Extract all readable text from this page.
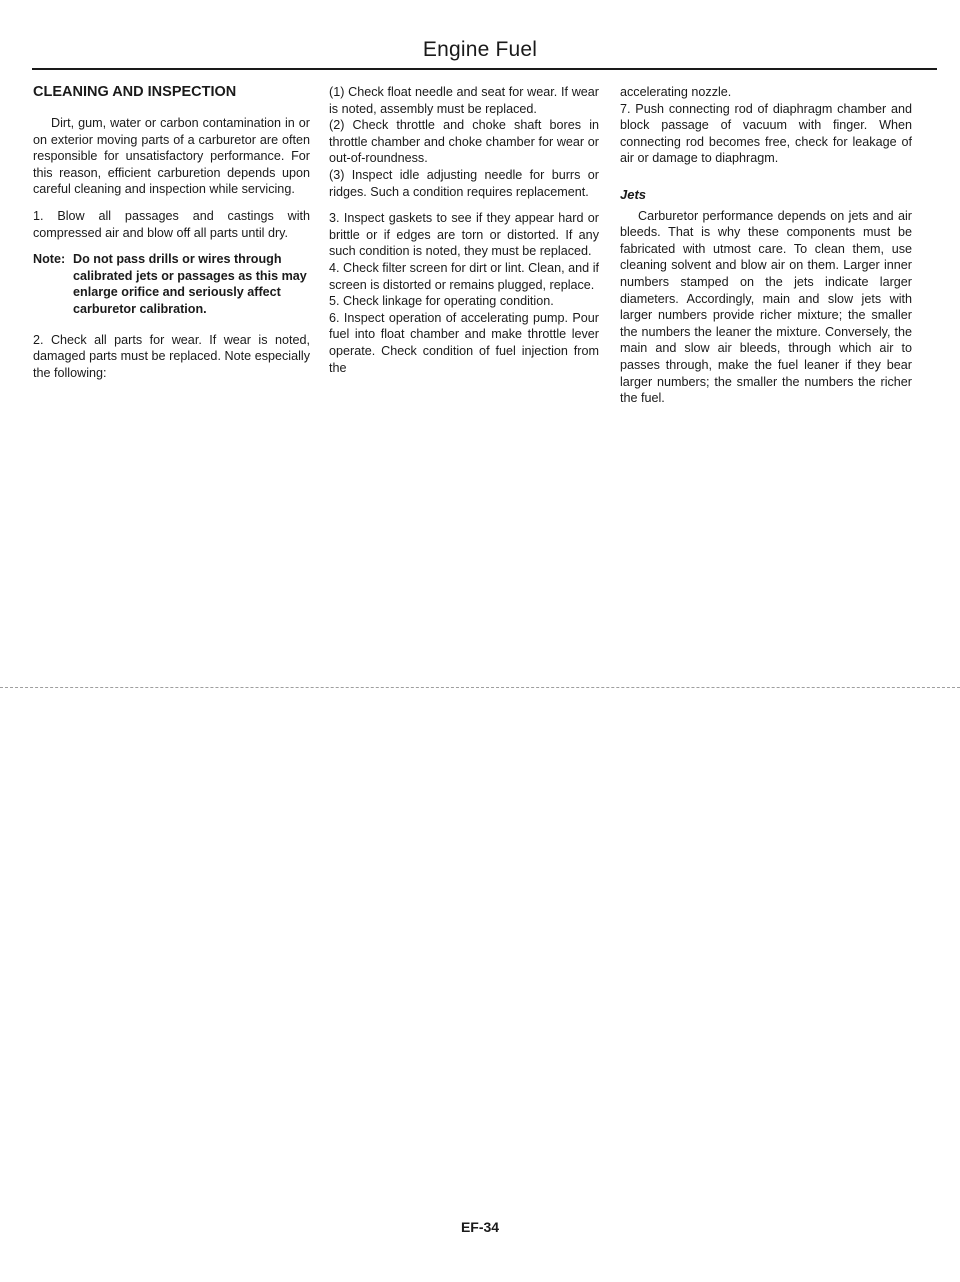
Engine Fuel
CLEANING AND INSPECTION

Dirt, gum, water or carbon contamination in or on exterior moving parts of a carburetor are often responsible for unsatisfactory performance. For this reason, efficient carburetion depends upon careful cleaning and inspection while servicing.

1. Blow all passages and castings with compressed air and blow off all parts until dry.

Note: Do not pass drills or wires through calibrated jets or passages as this may enlarge orifice and seriously affect carburetor calibration.

2. Check all parts for wear. If wear is noted, damaged parts must be replaced. Note especially the following:

(1) Check float needle and seat for wear. If wear is noted, assembly must be replaced.

(2) Check throttle and choke shaft bores in throttle chamber and choke chamber for wear or out-of-roundness.

(3) Inspect idle adjusting needle for burrs or ridges. Such a condition requires replacement.

3. Inspect gaskets to see if they appear hard or brittle or if edges are torn or distorted. If any such condition is noted, they must be replaced.

4. Check filter screen for dirt or lint. Clean, and if screen is distorted or remains plugged, replace.

5. Check linkage for operating condition.

6. Inspect operation of accelerating pump. Pour fuel into float chamber and make throttle lever operate. Check condition of fuel injection from the

accelerating nozzle.

7. Push connecting rod of diaphragm chamber and block passage of vacuum with finger. When connecting rod becomes free, check for leakage of air or damage to diaphragm.

Jets

Carburetor performance depends on jets and air bleeds. That is why these components must be fabricated with utmost care. To clean them, use cleaning solvent and blow air on them. Larger inner numbers stamped on the jets indicate larger diameters. Accordingly, main and slow jets with larger numbers provide richer mixture; the smaller the numbers the leaner the mixture. Conversely, the main and slow air bleeds, through which air to passes through, make the fuel leaner if they bear larger numbers; the smaller the numbers the richer the fuel.

EF-34
